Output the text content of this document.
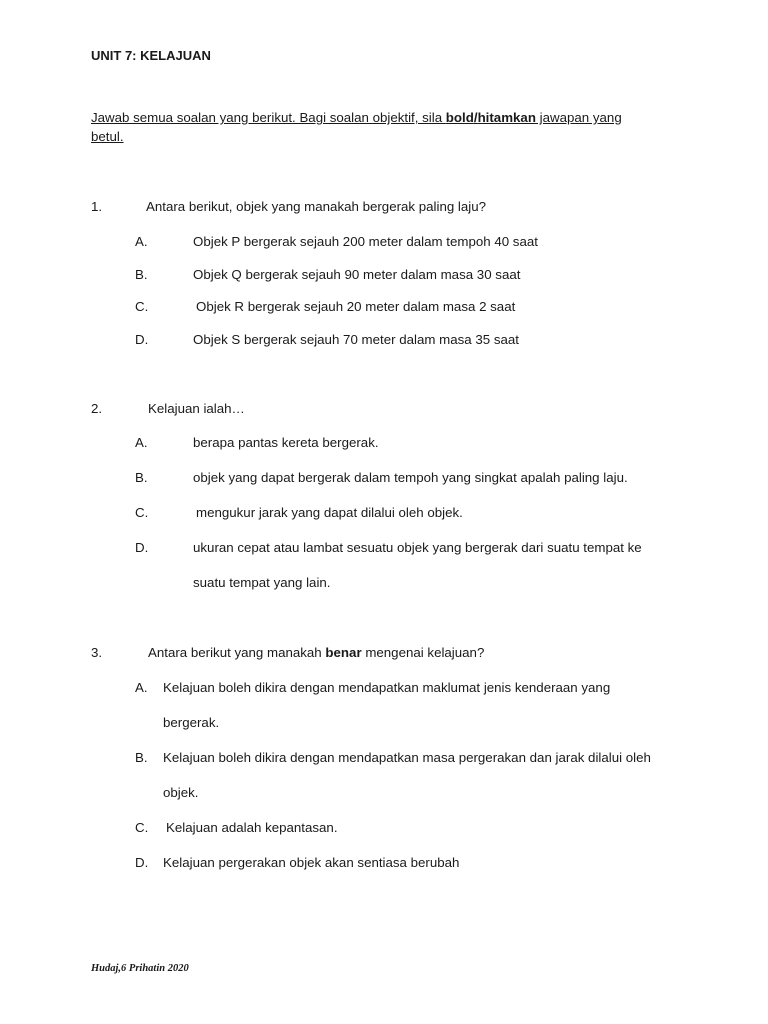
UNIT 7: KELAJUAN
Jawab semua soalan yang berikut. Bagi soalan objektif, sila bold/hitamkan jawapan yang
betul.
1.	Antara berikut, objek yang manakah bergerak paling laju?
A.	Objek P bergerak sejauh 200 meter dalam tempoh 40 saat
B.	Objek Q bergerak sejauh 90 meter dalam masa 30 saat
C.	Objek R bergerak sejauh 20 meter dalam masa 2 saat
D.	Objek S bergerak sejauh 70 meter dalam masa 35 saat
2.	Kelajuan ialah…
A.	berapa pantas kereta bergerak.
B.	objek yang dapat bergerak dalam tempoh yang singkat apalah paling laju.
C.	mengukur jarak yang dapat dilalui oleh objek.
D.	ukuran cepat atau lambat sesuatu objek yang bergerak dari suatu tempat ke
suatu tempat yang lain.
3.	Antara berikut yang manakah benar mengenai kelajuan?
A. Kelajuan boleh dikira dengan mendapatkan maklumat jenis kenderaan yang
bergerak.
B. Kelajuan boleh dikira dengan mendapatkan masa pergerakan dan jarak dilalui oleh
objek.
C. Kelajuan adalah kepantasan.
D. Kelajuan pergerakan objek akan sentiasa berubah
Hudaj,6 Prihatin 2020
